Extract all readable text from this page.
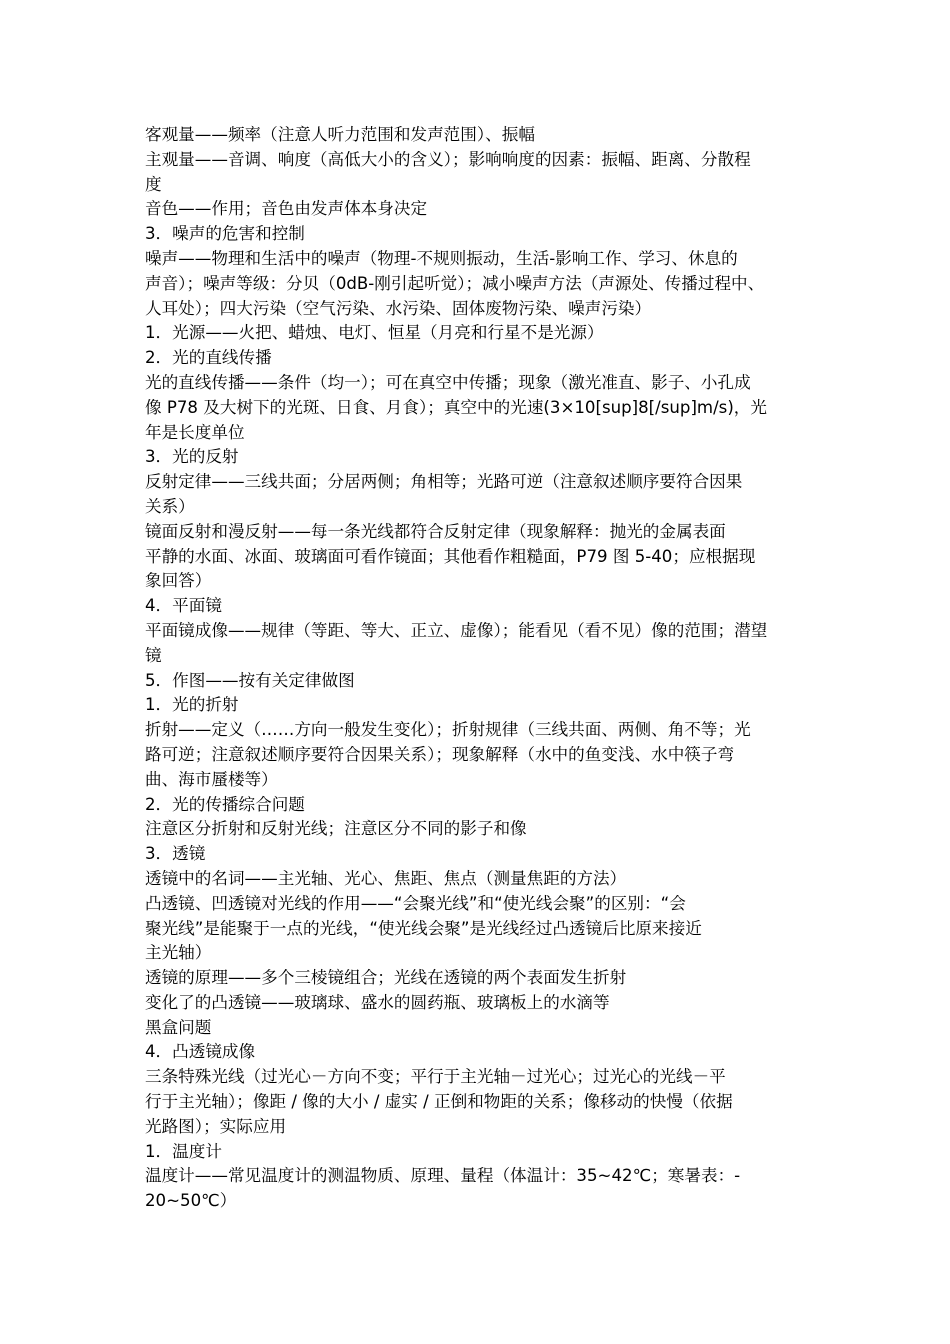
客观量——频率（注意人听力范围和发声范围）、振幅
主观量——音调、响度（高低大小的含义）；影响响度的因素：振幅、距离、分散程
度
音色——作用；音色由发声体本身决定
3．噪声的危害和控制
噪声——物理和生活中的噪声（物理-不规则振动，生活-影响工作、学习、休息的
声音）；噪声等级：分贝（0dB-刚引起听觉）；减小噪声方法（声源处、传播过程中、
人耳处）；四大污染（空气污染、水污染、固体废物污染、噪声污染）
1．光源——火把、蜡烛、电灯、恒星（月亮和行星不是光源）
2．光的直线传播
光的直线传播——条件（均一）；可在真空中传播；现象（激光准直、影子、小孔成
像 P78 及大树下的光斑、日食、月食）；真空中的光速(3×10[sup]8[/sup]m/s)，光
年是长度单位
3．光的反射
反射定律——三线共面；分居两侧；角相等；光路可逆（注意叙述顺序要符合因果
关系）
镜面反射和漫反射——每一条光线都符合反射定律（现象解释：抛光的金属表面
平静的水面、冰面、玻璃面可看作镜面；其他看作粗糙面，P79 图 5-40；应根据现
象回答）
4．平面镜
平面镜成像——规律（等距、等大、正立、虚像）；能看见（看不见）像的范围；潜望
镜
5．作图——按有关定律做图
1．光的折射
折射——定义（……方向一般发生变化）；折射规律（三线共面、两侧、角不等；光
路可逆；注意叙述顺序要符合因果关系）；现象解释（水中的鱼变浅、水中筷子弯
曲、海市蜃楼等）
2．光的传播综合问题
注意区分折射和反射光线；注意区分不同的影子和像
3．透镜
透镜中的名词——主光轴、光心、焦距、焦点（测量焦距的方法）
凸透镜、凹透镜对光线的作用——“会聚光线”和“使光线会聚”的区别：“会
聚光线”是能聚于一点的光线，“使光线会聚”是光线经过凸透镜后比原来接近
主光轴）
透镜的原理——多个三棱镜组合；光线在透镜的两个表面发生折射
变化了的凸透镜——玻璃球、盛水的圆药瓶、玻璃板上的水滴等
黑盒问题
4．凸透镜成像
三条特殊光线（过光心－方向不变；平行于主光轴－过光心；过光心的光线－平
行于主光轴）；像距 / 像的大小 / 虚实 / 正倒和物距的关系；像移动的快慢（依据
光路图）；实际应用
1．温度计
温度计——常见温度计的测温物质、原理、量程（体温计：35~42℃；寒暑表：-
20~50℃）
